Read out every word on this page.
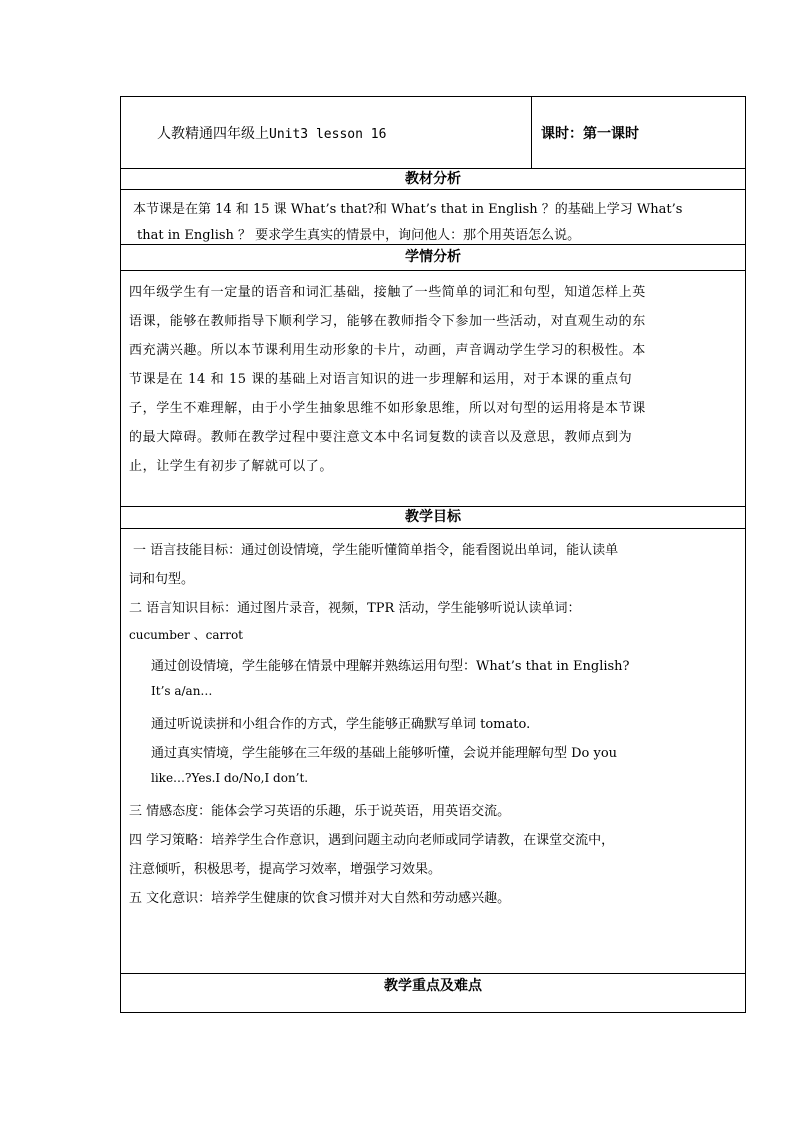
人教精通四年级上Unit3 lesson 16	课时：第一课时
教材分析
本节课是在第 14 和 15 课 What’s that?和 What’s that in English ？的基础上学习 What’s
that in English ？ 要求学生真实的情景中，询问他人：那个用英语怎么说。
学情分析
四年级学生有一定量的语音和词汇基础，接触了一些简单的词汇和句型，知道怎样上英
语课，能够在教师指导下顺利学习，能够在教师指令下参加一些活动，对直观生动的东
西充满兴趣。所以本节课利用生动形象的卡片，动画，声音调动学生学习的积极性。本
节课是在 14 和 15 课的基础上对语言知识的进一步理解和运用，对于本课的重点句
子，学生不难理解，由于小学生抽象思维不如形象思维，所以对句型的运用将是本节课
的最大障碍。教师在教学过程中要注意文本中名词复数的读音以及意思，教师点到为
止，让学生有初步了解就可以了。
教学目标
一 语言技能目标：通过创设情境，学生能听懂简单指令，能看图说出单词，能认读单
词和句型。
二 语言知识目标：通过图片录音，视频，TPR 活动，学生能够听说认读单词：
cucumber 、carrot
通过创设情境，学生能够在情景中理解并熟练运用句型：What’s that in English?
It’s a/an…
通过听说读拼和小组合作的方式，学生能够正确默写单词 tomato.
通过真实情境，学生能够在三年级的基础上能够听懂，会说并能理解句型 Do you
like…?Yes.I do/No,I don’t.
三 情感态度：能体会学习英语的乐趣，乐于说英语，用英语交流。
四 学习策略：培养学生合作意识，遇到问题主动向老师或同学请教，在课堂交流中，
注意倾听，积极思考，提高学习效率，增强学习效果。
五 文化意识：培养学生健康的饮食习惯并对大自然和劳动感兴趣。
教学重点及难点
